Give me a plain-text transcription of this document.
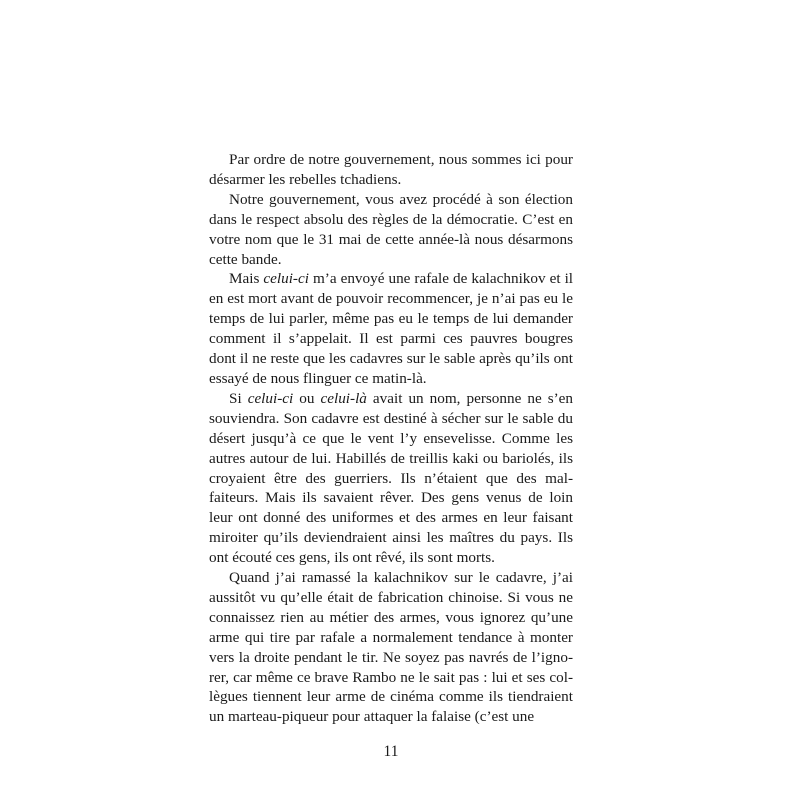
Par ordre de notre gouvernement, nous sommes ici pour désarmer les rebelles tchadiens.

Notre gouvernement, vous avez procédé à son élection dans le respect absolu des règles de la démocratie. C’est en votre nom que le 31 mai de cette année-là nous désarmons cette bande.

Mais celui-ci m’a envoyé une rafale de kalachnikov et il en est mort avant de pouvoir recommencer, je n’ai pas eu le temps de lui parler, même pas eu le temps de lui demander comment il s’appelait. Il est parmi ces pauvres bougres dont il ne reste que les cadavres sur le sable après qu’ils ont essayé de nous flinguer ce matin-là.

Si celui-ci ou celui-là avait un nom, personne ne s’en souviendra. Son cadavre est destiné à sécher sur le sable du désert jusqu’à ce que le vent l’y ensevelisse. Comme les autres autour de lui. Habillés de treillis kaki ou bariolés, ils croyaient être des guerriers. Ils n’étaient que des malfaiteurs. Mais ils savaient rêver. Des gens venus de loin leur ont donné des uniformes et des armes en leur faisant miroiter qu’ils deviendraient ainsi les maîtres du pays. Ils ont écouté ces gens, ils ont rêvé, ils sont morts.

Quand j’ai ramassé la kalachnikov sur le cadavre, j’ai aussitôt vu qu’elle était de fabrication chinoise. Si vous ne connaissez rien au métier des armes, vous ignorez qu’une arme qui tire par rafale a normalement tendance à monter vers la droite pendant le tir. Ne soyez pas navrés de l’ignorer, car même ce brave Rambo ne le sait pas : lui et ses collègues tiennent leur arme de cinéma comme ils tiendraient un marteau-piqueur pour attaquer la falaise (c’est une

11
